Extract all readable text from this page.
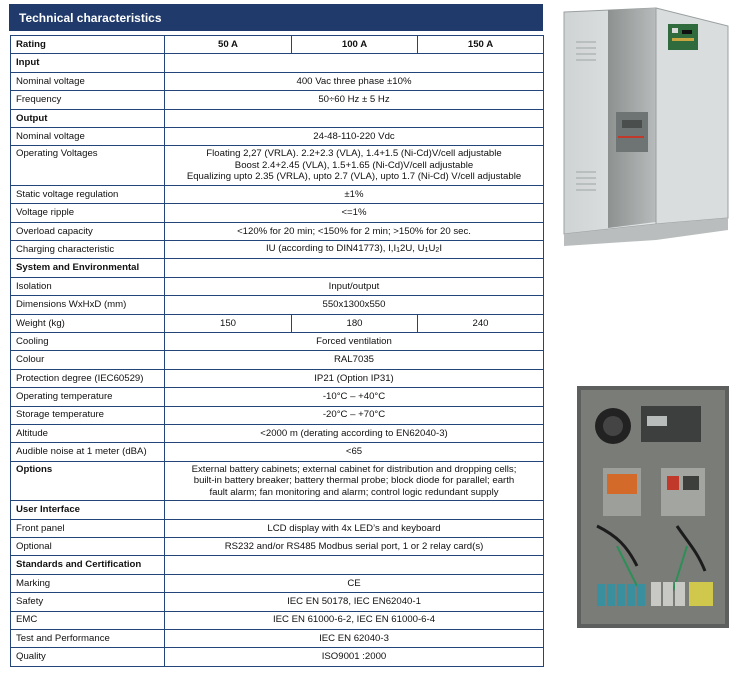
Technical characteristics
Rating	50 A	100 A	150 A
Input			
Nominal voltage	400 Vac three phase ±10%		
Frequency	50÷60 Hz ± 5 Hz		
Output			
Nominal voltage	24-48-110-220 Vdc		
Operating Voltages	Floating 2,27 (VRLA). 2.2+2.3 (VLA), 1.4+1.5 (Ni-Cd)V/cell adjustable
Boost 2.4+2.45 (VLA), 1.5+1.65 (Ni-Cd)V/cell adjustable
Equalizing upto 2.35 (VRLA), upto 2.7 (VLA), upto 1.7 (Ni-Cd) V/cell adjustable		

Static voltage regulation	±1%		
Voltage ripple	<=1%		
Overload capacity	<120% for 20 min; <150% for 2 min; >150% for 20 sec.		
Charging characteristic	IU (according to DIN41773), I,I12U, U1U2I		
System and Environmental			
Isolation	Input/output		
Dimensions WxHxD (mm)	550x1300x550		
Weight (kg)	150	180	240
Cooling	Forced ventilation		
Colour	RAL7035		
Protection degree (IEC60529)	IP21 (Option IP31)		
Operating temperature	-10°C – +40°C		
Storage temperature	-20°C – +70°C		
Altitude	<2000 m (derating according to EN62040-3)		
Audible noise at 1 meter (dBA)	<65		
Options	External battery cabinets; external cabinet for distribution and dropping cells;
built-in battery breaker; battery thermal probe; block diode for parallel; earth
fault alarm; fan monitoring and alarm; control logic redundant supply		

User Interface			
Front panel	LCD display with 4x LED’s and keyboard		
Optional	RS232 and/or RS485 Modbus serial port, 1 or 2 relay card(s)		
Standards and Certification			
Marking	CE		
Safety	IEC EN 50178, IEC EN62040-1		
EMC	IEC EN 61000-6-2, IEC EN 61000-6-4		
Test and Performance	IEC EN 62040-3		
Quality	ISO9001 :2000		
